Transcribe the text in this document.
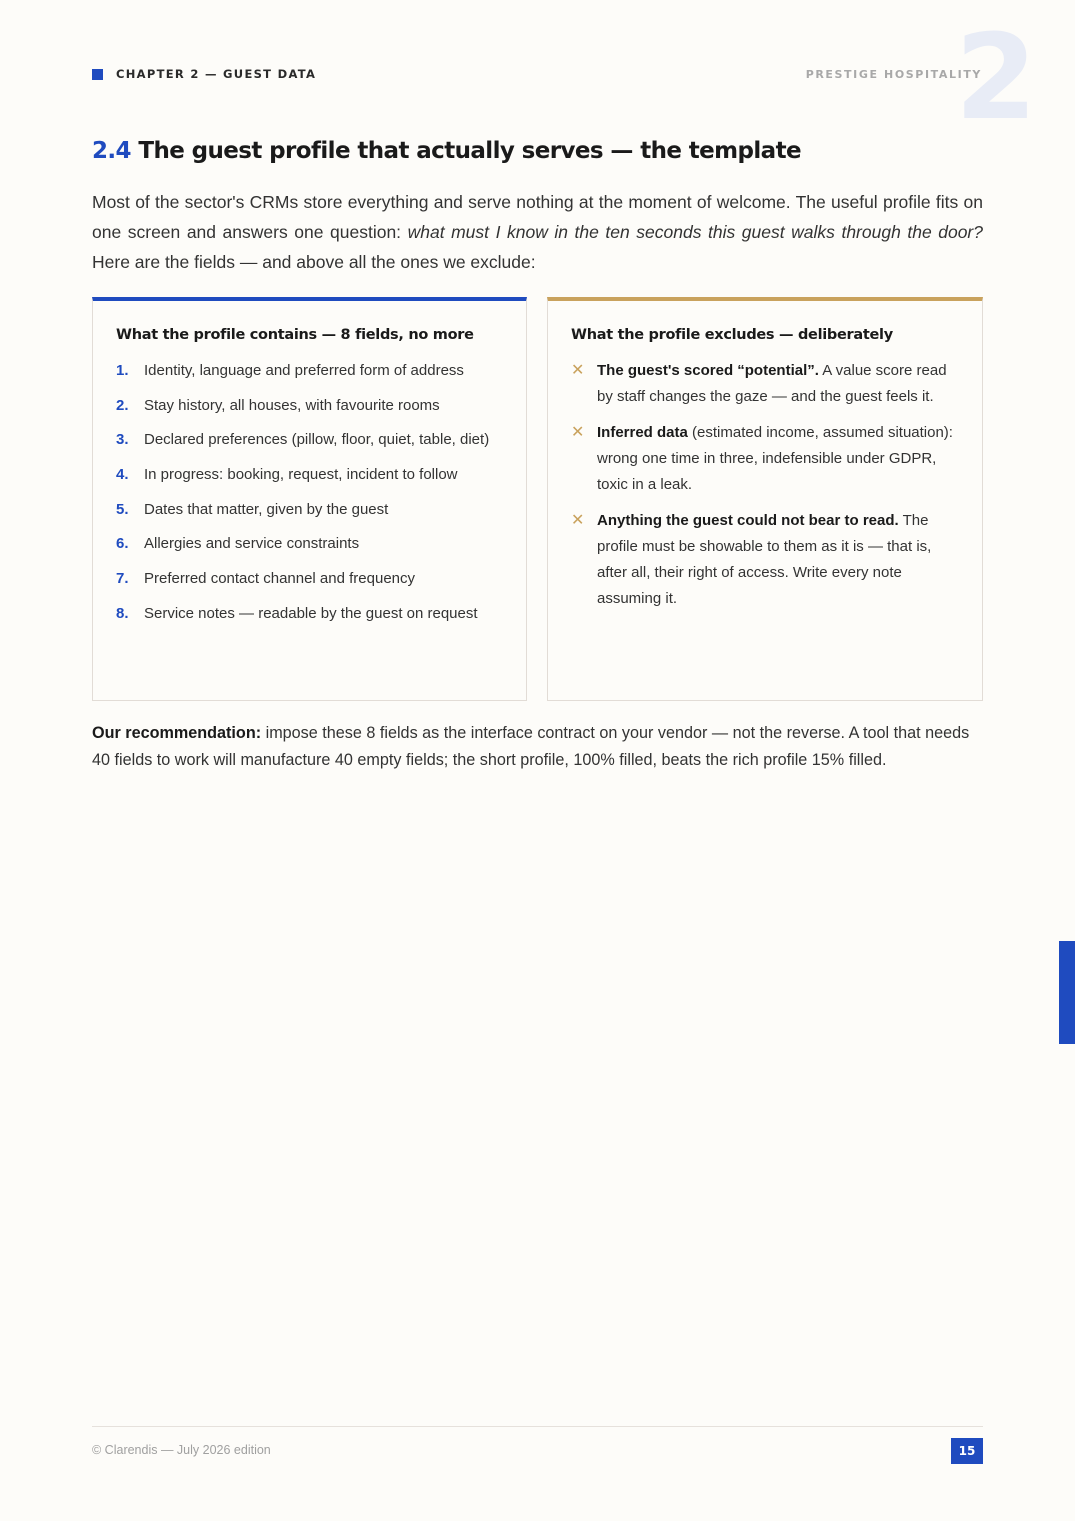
CHAPTER 2 — GUEST DATA	2
PRESTIGE HOSPITALITY
2.4 The guest profile that actually serves — the template

Most of the sector's CRMs store everything and serve nothing at the moment of welcome. The useful profile fits on one screen and answers one question: what must I know in the ten seconds this guest walks through the door? Here are the fields — and above all the ones we exclude:

What the profile contains — 8 fields, no more
1.	Identity, language and preferred form of address
2.	Stay history, all houses, with favourite rooms
3.	Declared preferences (pillow, floor, quiet, table, diet)
4.	In progress: booking, request, incident to follow
5.	Dates that matter, given by the guest
6.	Allergies and service constraints
7.	Preferred contact channel and frequency
8.	Service notes — readable by the guest on request
What the profile excludes — deliberately
✕ The guest's scored “potential”. A value score read by staff changes the gaze — and the guest feels it.
✕ Inferred data (estimated income, assumed situation): wrong one time in three, indefensible under GDPR, toxic in a leak.
✕ Anything the guest could not bear to read. The profile must be showable to them as it is — that is, after all, their right of access. Write every note assuming it.

Our recommendation: impose these 8 fields as the interface contract on your vendor — not the reverse. A tool that needs 40 fields to work will manufacture 40 empty fields; the short profile, 100% filled, beats the rich profile 15% filled.

© Clarendis — July 2026 edition	15
